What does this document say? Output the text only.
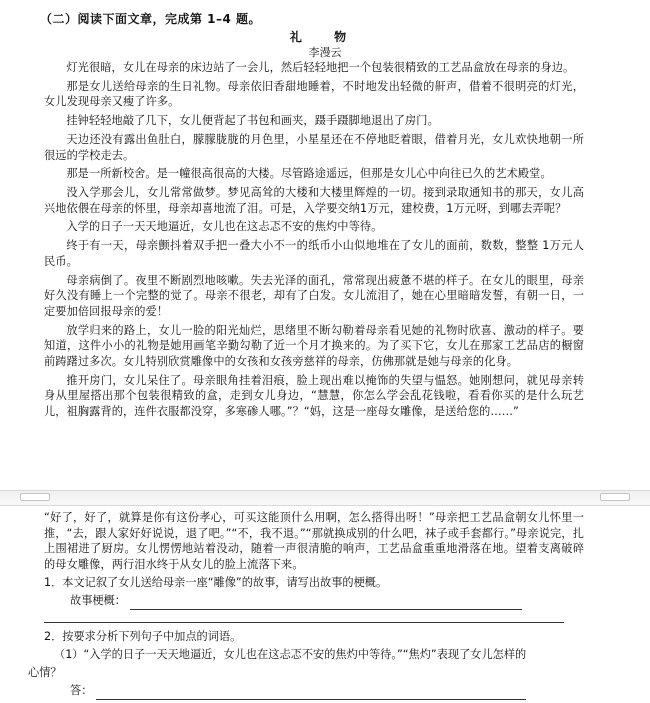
（二）阅读下面文章，完成第 1–4 题。
礼 物
李漫云

灯光很暗，女儿在母亲的床边站了一会儿，然后轻轻地把一个包装很精致的工艺品盒放在母亲的身边。

那是女儿送给母亲的生日礼物。母亲依旧香甜地睡着，不时地发出轻微的鼾声，借着不很明亮的灯光，女儿发现母亲又瘦了许多。

挂钟轻轻地敲了几下，女儿便背起了书包和画夹，蹑手蹑脚地退出了房门。

天边还没有露出鱼肚白，朦朦胧胧的月色里，小星星还在不停地眨着眼，借着月光，女儿欢快地朝一所很远的学校走去。

那是一所新校舍。是一幢很高很高的大楼。尽管路途遥远，但那是女儿心中向往已久的艺术殿堂。

没入学那会儿，女儿常常做梦。梦见高耸的大楼和大楼里辉煌的一切。接到录取通知书的那天，女儿高兴地依偎在母亲的怀里，母亲却喜地流了泪。可是，入学要交纳1万元，建校费，1万元呀，到哪去弄呢？

入学的日子一天天地逼近，女儿也在这忐忑不安的焦灼中等待。

终于有一天，母亲颤抖着双手把一叠大小不一的纸币小山似地堆在了女儿的面前，数数，整整 1万元人民币。

母亲病倒了。夜里不断剧烈地咳嗽。失去光泽的面孔，常常现出疲惫不堪的样子。在女儿的眼里，母亲好久没有睡上一个完整的觉了。母亲不很老，却有了白发。女儿流泪了，她在心里暗暗发誓，有朝一日，一定要加倍回报母亲的爱！

放学归来的路上，女儿一脸的阳光灿烂，思绪里不断勾勒着母亲看见她的礼物时欣喜、激动的样子。要知道，这件小小的礼物是她用画笔辛勤勾勒了近一个月才换来的。为了买下它，女儿在那家工艺品店的橱窗前踌躇过多次。女儿特别欣赏雕像中的女孩和女孩旁慈祥的母亲，仿佛那就是她与母亲的化身。

推开房门，女儿呆住了。母亲眼角挂着泪痕，脸上现出难以掩饰的失望与愠怒。她刚想问，就见母亲转身从里屋搭出那个包装很精致的盒，走到女儿身边，“慧慧，你怎么学会乱花钱啦，看看你买的是什么玩艺儿，祖胸露背的，连件衣服都没穿，多寒碜人哪。”？“妈，这是一座母女雕像，是送给您的……”

“好了，好了，就算是你有这份孝心，可买这能顶什么用啊，怎么搭得出呀！”母亲把工艺品盒朝女儿怀里一推，“去，跟人家好好说说，退了吧。”“不，我不退。”“那就换成别的什么吧，袜子或手套都行。”母亲说完，扎上围裙进了厨房。女儿愣愣地站着没动，随着一声很清脆的响声，工艺品盒重重地滑落在地。望着支离破碎的母女雕像，两行泪水终于从女儿的脸上流落下来。

1．本文记叙了女儿送给母亲一座“雕像”的故事，请写出故事的梗概。
故事梗概：
2．按要求分析下列句子中加点的词语。
（1）“入学的日子一天天地逼近，女儿也在这忐忑不安的焦灼中等待。”“焦灼”表现了女儿怎样的
心情？
答：
